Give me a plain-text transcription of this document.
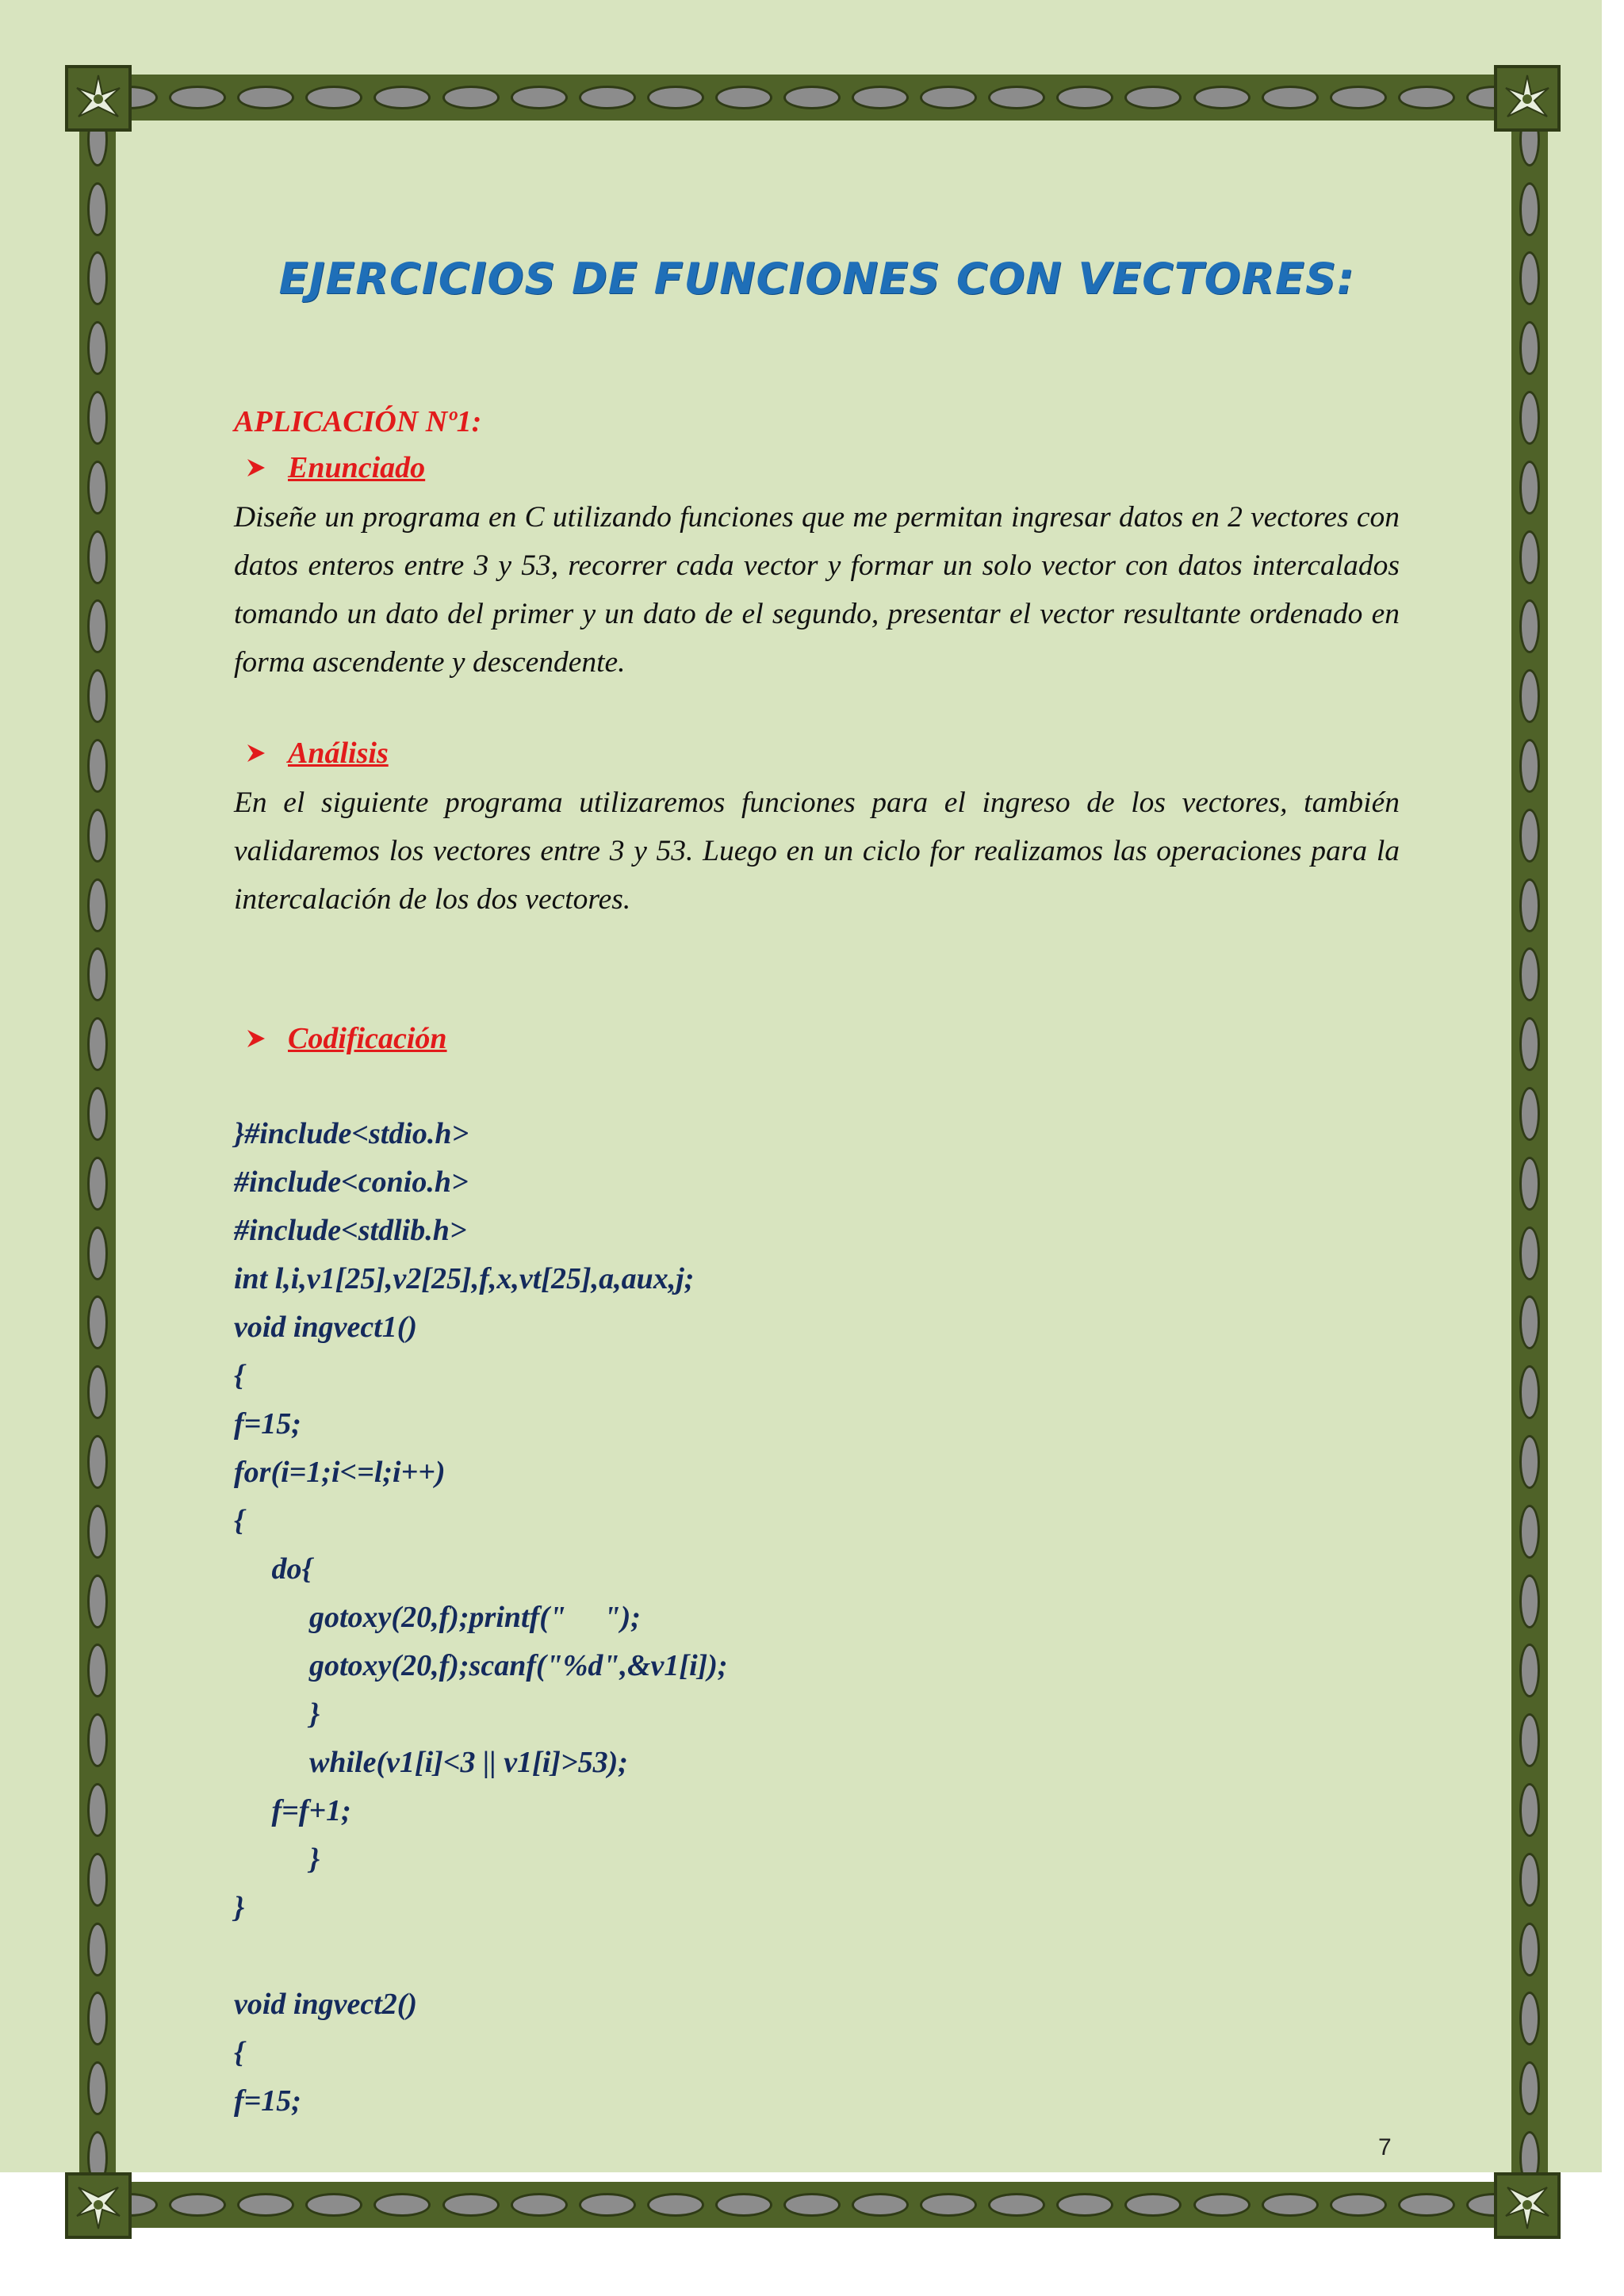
EJERCICIOS DE FUNCIONES CON VECTORES:
APLICACIÓN Nº1:
Enunciado
Diseñe un programa en C utilizando funciones que me permitan ingresar datos en 2 vectores con datos enteros entre 3 y 53, recorrer cada vector y formar un solo vector con datos intercalados tomando un dato del primer y un dato de el segundo, presentar el vector resultante ordenado en forma ascendente y descendente.
Análisis
En el siguiente programa utilizaremos funciones para el ingreso de los vectores, también validaremos los vectores entre 3 y 53. Luego en un ciclo for realizamos las operaciones para la intercalación de los dos vectores.
Codificación
}#include<stdio.h>
#include<conio.h>
#include<stdlib.h>
int l,i,v1[25],v2[25],f,x,vt[25],a,aux,j;
void ingvect1()
{
f=15;
for(i=1;i<=l;i++)
{
do{
gotoxy(20,f);printf("     ");
gotoxy(20,f);scanf("%d",&v1[i]);
}
while(v1[i]<3 || v1[i]>53);
f=f+1;
}
}
void ingvect2()
{
f=15;
7
